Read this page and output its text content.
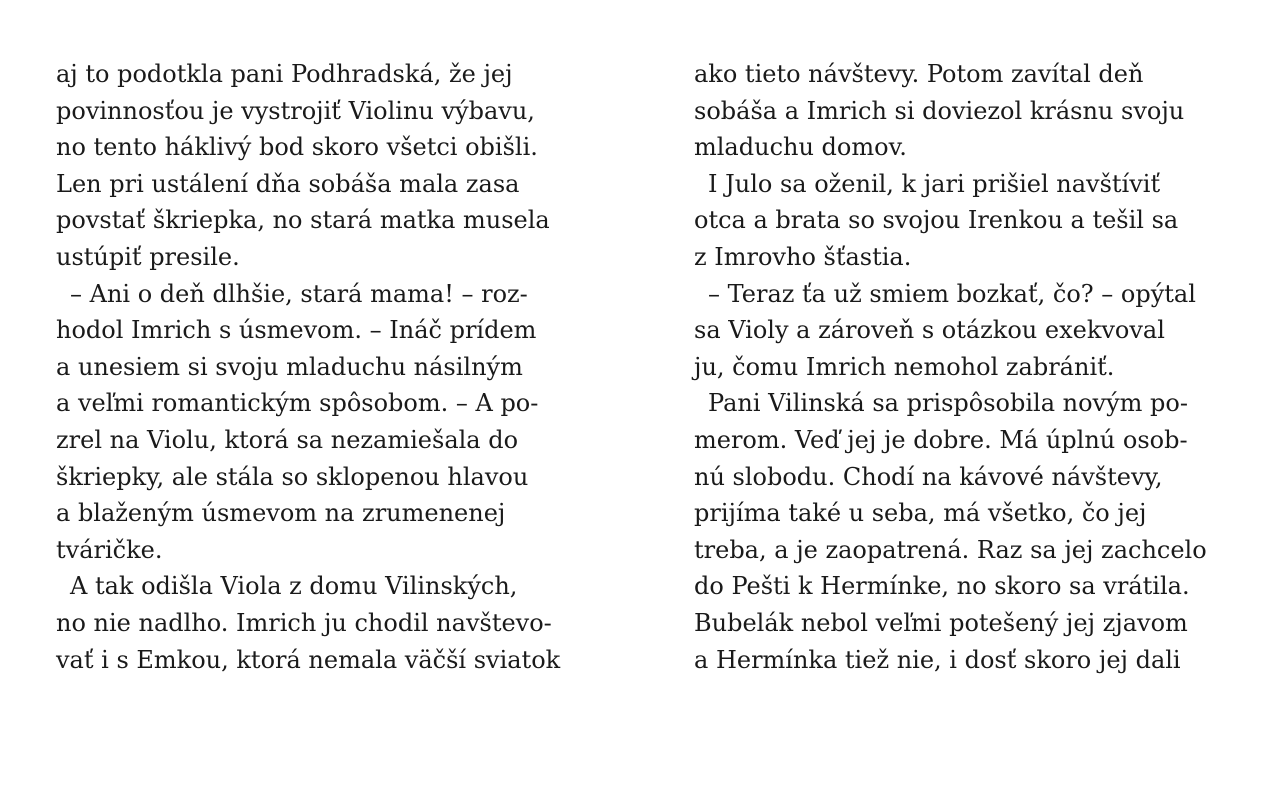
aj to podotkla pani Podhradská, že jej
povinnosťou je vystrojiť Violinu výbavu,
no tento háklivý bod skoro všetci obišli.
Len pri ustálení dňa sobáša mala zasa
povstať škriepka, no stará matka musela
ustúpiť presile.
– Ani o deň dlhšie, stará mama! – roz-
hodol Imrich s úsmevom. – Ináč prídem
a unesiem si svoju mladuchu násilným
a veľmi romantickým spôsobom. – A po-
zrel na Violu, ktorá sa nezamiešala do
škriepky, ale stála so sklopenou hlavou
a blaženým úsmevom na zrumenenej
tváričke.
A tak odišla Viola z domu Vilinských,
no nie nadlho. Imrich ju chodil navštevo-
vať i s Emkou, ktorá nemala väčší sviatok
ako tieto návštevy. Potom zavítal deň
sobáša a Imrich si doviezol krásnu svoju
mladuchu domov.
I Julo sa oženil, k jari prišiel navštíviť
otca a brata so svojou Irenkou a tešil sa
z Imrovho šťastia.
– Teraz ťa už smiem bozkať, čo? – opýtal
sa Violy a zároveň s otázkou exekvoval
ju, čomu Imrich nemohol zabrániť.
Pani Vilinská sa prispôsobila novým po-
merom. Veď jej je dobre. Má úplnú osob-
nú slobodu. Chodí na kávové návštevy,
prijíma také u seba, má všetko, čo jej
treba, a je zaopatrená. Raz sa jej zachcelo
do Pešti k Hermínke, no skoro sa vrátila.
Bubelák nebol veľmi potešený jej zjavom
a Hermínka tiež nie, i dosť skoro jej dali
